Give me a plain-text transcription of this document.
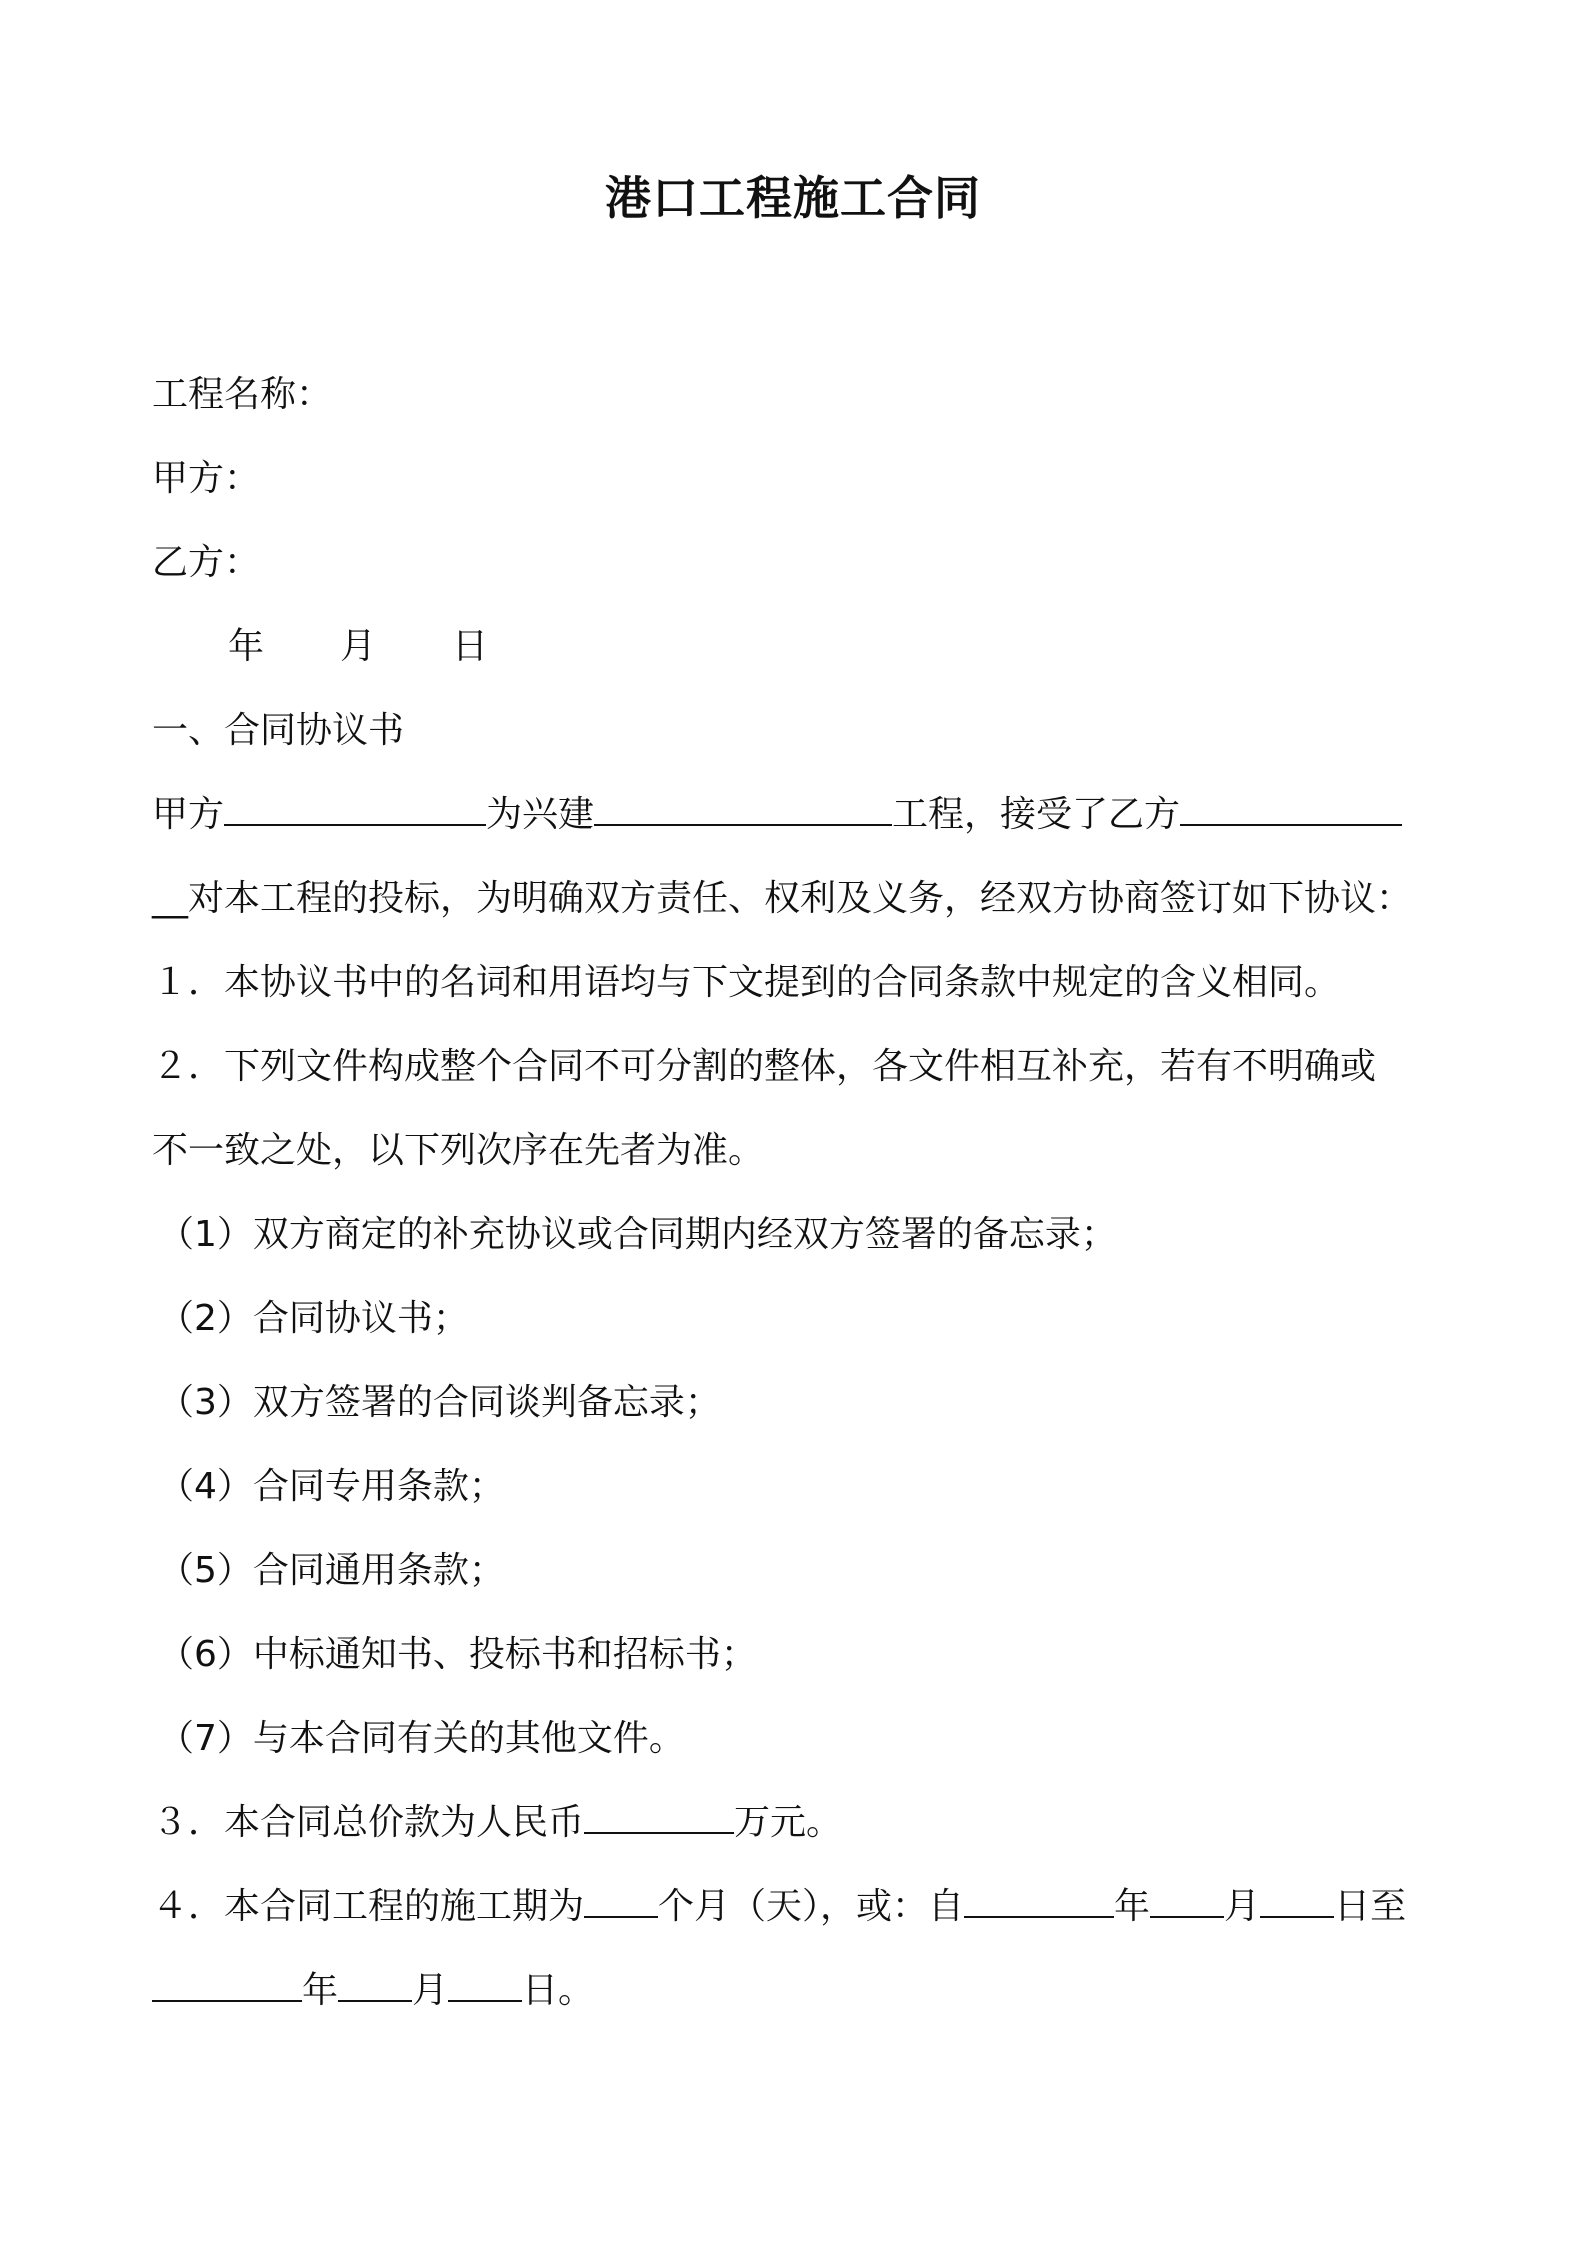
港口工程施工合同
工程名称：
甲方：
乙方：
年 月 日
一、合同协议书
甲方	为兴建	工程，接受了乙方
__对本工程的投标，为明确双方责任、权利及义务，经双方协商签订如下协议：
１．本协议书中的名词和用语均与下文提到的合同条款中规定的含义相同。
２．下列文件构成整个合同不可分割的整体，各文件相互补充，若有不明确或
不一致之处，以下列次序在先者为准。
（1）双方商定的补充协议或合同期内经双方签署的备忘录；
（2）合同协议书；
（3）双方签署的合同谈判备忘录；
（4）合同专用条款；
（5）合同通用条款；
（6）中标通知书、投标书和招标书；
（7）与本合同有关的其他文件。
３．本合同总价款为人民币	万元。
４．本合同工程的施工期为 个月（天），或：自	年 月 日至
年 月 日。
